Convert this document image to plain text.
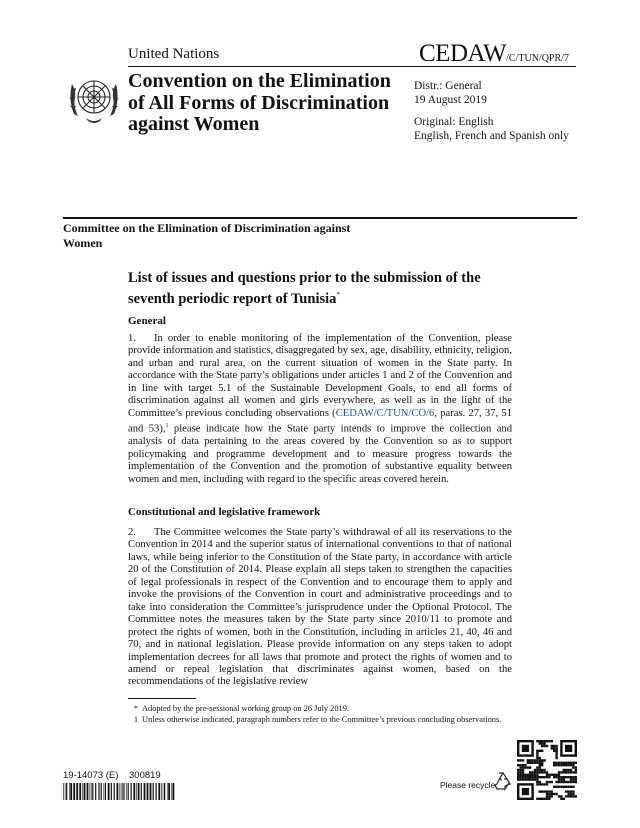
United Nations	CEDAW/C/TUN/QPR/7
Convention on the Elimination of All Forms of Discrimination against Women
Distr.: General
19 August 2019
Original: English
English, French and Spanish only
Committee on the Elimination of Discrimination against Women
List of issues and questions prior to the submission of the seventh periodic report of Tunisia*
General
1. In order to enable monitoring of the implementation of the Convention, please provide information and statistics, disaggregated by sex, age, disability, ethnicity, religion, and urban and rural area, on the current situation of women in the State party. In accordance with the State party’s obligations under articles 1 and 2 of the Convention and in line with target 5.1 of the Sustainable Development Goals, to end all forms of discrimination against all women and girls everywhere, as well as in the light of the Committee’s previous concluding observations (CEDAW/C/TUN/CO/6, paras. 27, 37, 51 and 53),$^1$ please indicate how the State party intends to improve the collection and analysis of data pertaining to the areas covered by the Convention so as to support policymaking and programme development and to measure progress towards the implementation of the Convention and the promotion of substantive equality between women and men, including with regard to the specific areas covered herein.
Constitutional and legislative framework
2. The Committee welcomes the State party’s withdrawal of all its reservations to the Convention in 2014 and the superior status of international conventions to that of national laws, while being inferior to the Constitution of the State party, in accordance with article 20 of the Constitution of 2014. Please explain all steps taken to strengthen the capacities of legal professionals in respect of the Convention and to encourage them to apply and invoke the provisions of the Convention in court and administrative proceedings and to take into consideration the Committee’s jurisprudence under the Optional Protocol. The Committee notes the measures taken by the State party since 2010/11 to promote and protect the rights of women, both in the Constitution, including in articles 21, 40, 46 and 70, and in national legislation. Please provide information on any steps taken to adopt implementation decrees for all laws that promote and protect the rights of women and to amend or repeal legislation that discriminates against women, based on the recommendations of the legislative review
* Adopted by the pre-sessional working group on 26 July 2019.
1 Unless otherwise indicated, paragraph numbers refer to the Committee’s previous concluding observations.
19-14073 (E)    300819
Please recycle
